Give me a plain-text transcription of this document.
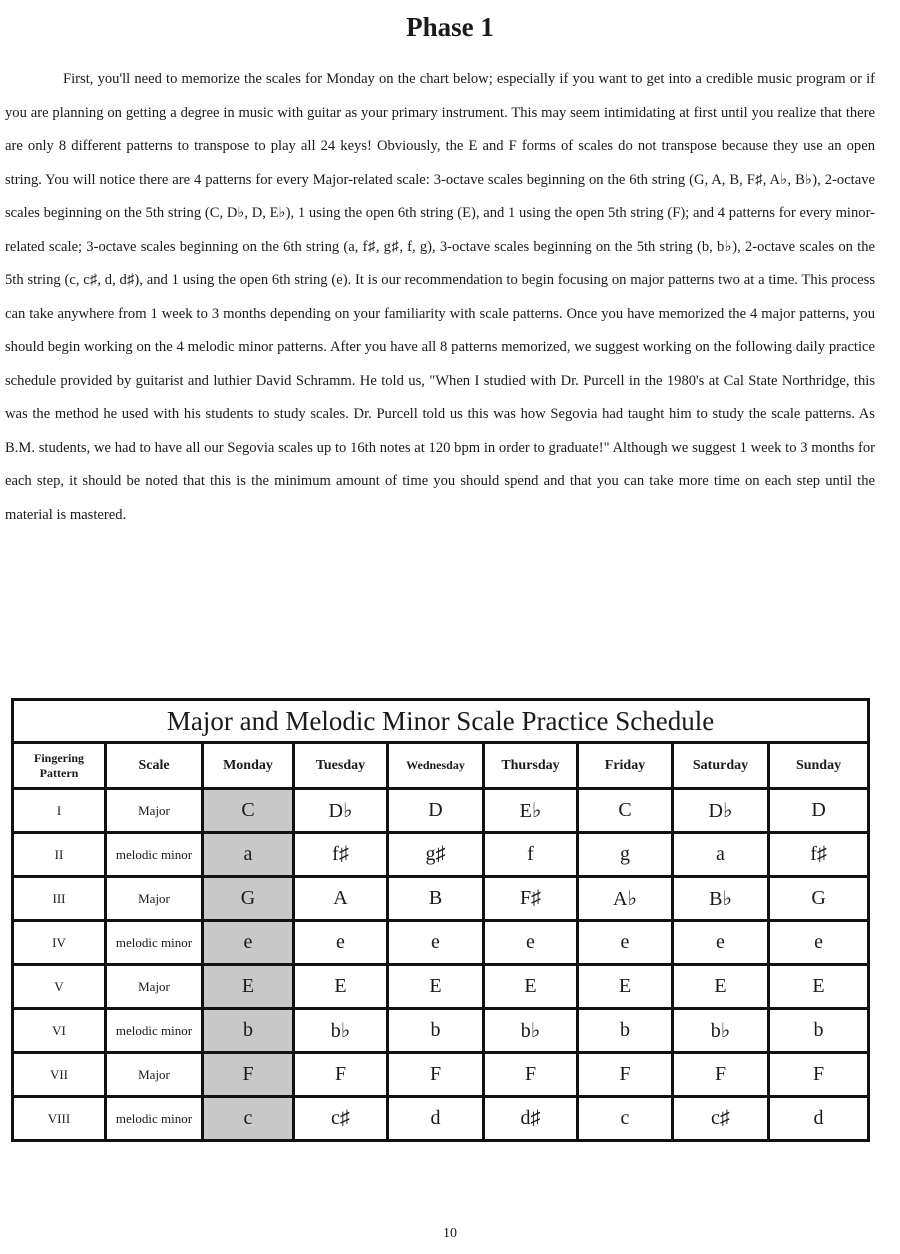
Phase 1

First, you'll need to memorize the scales for Monday on the chart below; especially if you want to get into a credible music program or if you are planning on getting a degree in music with guitar as your primary instrument. This may seem intimidating at first until you realize that there are only 8 different patterns to transpose to play all 24 keys! Obviously, the E and F forms of scales do not transpose because they use an open string. You will notice there are 4 patterns for every Major-related scale: 3-octave scales beginning on the 6th string (G, A, B, F♯, A♭, B♭), 2-octave scales beginning on the 5th string (C, D♭, D, E♭), 1 using the open 6th string (E), and 1 using the open 5th string (F); and 4 patterns for every minor-related scale; 3-octave scales beginning on the 6th string (a, f♯, g♯, f, g), 3-octave scales beginning on the 5th string (b, b♭), 2-octave scales on the 5th string (c, c♯, d, d♯), and 1 using the open 6th string (e). It is our recommendation to begin focusing on major patterns two at a time. This process can take anywhere from 1 week to 3 months depending on your familiarity with scale patterns. Once you have memorized the 4 major patterns, you should begin working on the 4 melodic minor patterns. After you have all 8 patterns memorized, we suggest working on the following daily practice schedule provided by guitarist and luthier David Schramm. He told us, "When I studied with Dr. Purcell in the 1980's at Cal State Northridge, this was the method he used with his students to study scales. Dr. Purcell told us this was how Segovia had taught him to study the scale patterns. As B.M. students, we had to have all our Segovia scales up to 16th notes at 120 bpm in order to graduate!" Although we suggest 1 week to 3 months for each step, it should be noted that this is the minimum amount of time you should spend and that you can take more time on each step until the material is mastered.

Major and Melodic Minor Scale Practice Schedule								
Fingering Pattern	Scale	Monday	Tuesday	Wednesday	Thursday	Friday	Saturday	Sunday
I	Major	C	D♭	D	E♭	C	D♭	D
II	melodic minor	a	f♯	g♯	f	g	a	f♯
III	Major	G	A	B	F♯	A♭	B♭	G
IV	melodic minor	e	e	e	e	e	e	e
V	Major	E	E	E	E	E	E	E
VI	melodic minor	b	b♭	b	b♭	b	b♭	b
VII	Major	F	F	F	F	F	F	F
VIII	melodic minor	c	c♯	d	d♯	c	c♯	d
10
